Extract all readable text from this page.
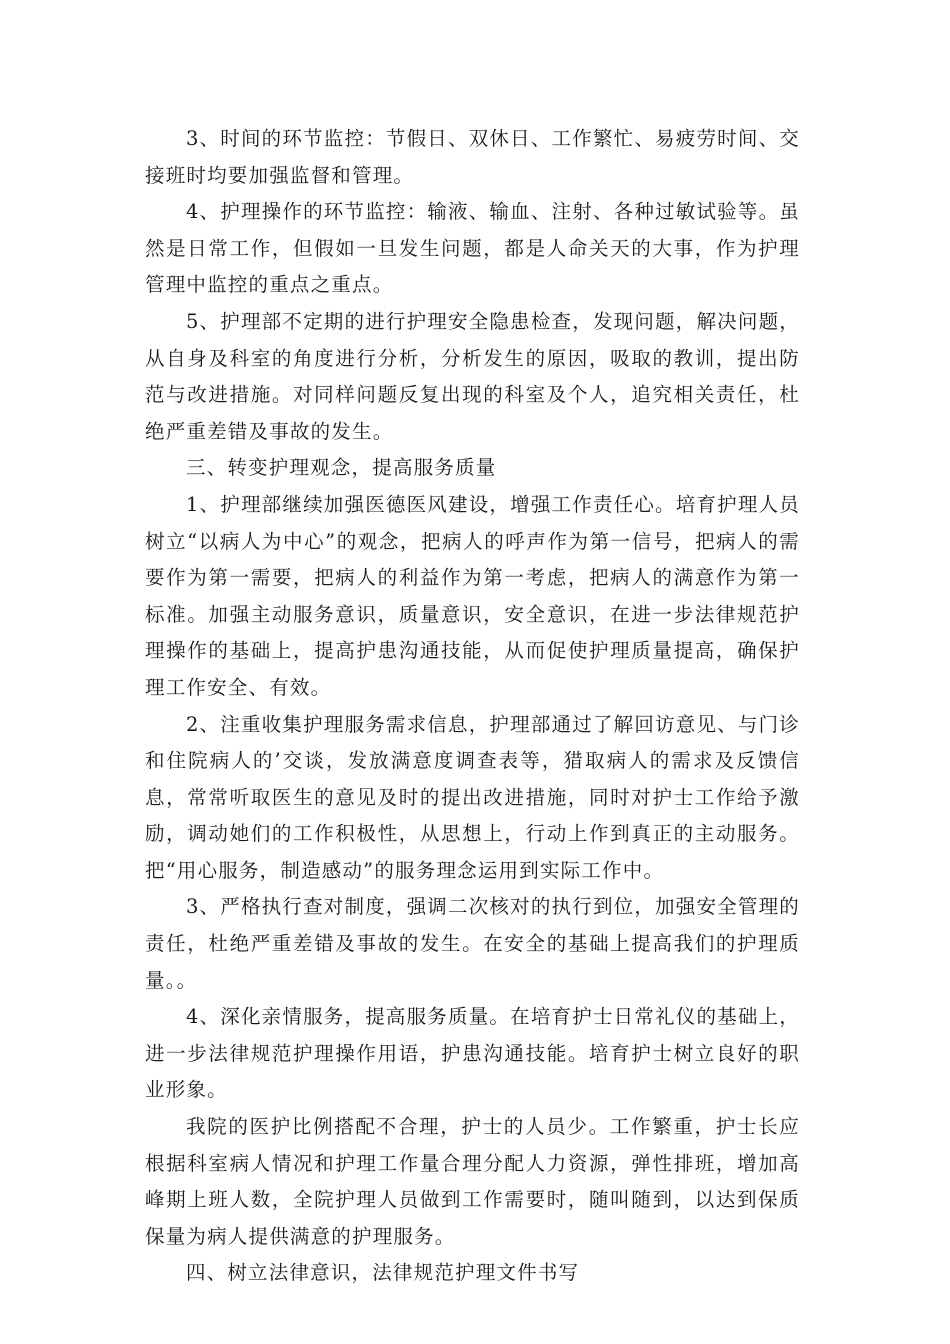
3、时间的环节监控：节假日、双休日、工作繁忙、易疲劳时间、交接班时均要加强监督和管理。

4、护理操作的环节监控：输液、输血、注射、各种过敏试验等。虽然是日常工作，但假如一旦发生问题，都是人命关天的大事，作为护理管理中监控的重点之重点。

5、护理部不定期的进行护理安全隐患检查，发现问题，解决问题，从自身及科室的角度进行分析，分析发生的原因，吸取的教训，提出防范与改进措施。对同样问题反复出现的科室及个人，追究相关责任，杜绝严重差错及事故的发生。

三、转变护理观念，提高服务质量

1、护理部继续加强医德医风建设，增强工作责任心。培育护理人员树立“以病人为中心”的观念，把病人的呼声作为第一信号，把病人的需要作为第一需要，把病人的利益作为第一考虑，把病人的满意作为第一标准。加强主动服务意识，质量意识，安全意识，在进一步法律规范护理操作的基础上，提高护患沟通技能，从而促使护理质量提高，确保护理工作安全、有效。

2、注重收集护理服务需求信息，护理部通过了解回访意见、与门诊和住院病人的’交谈，发放满意度调查表等，猎取病人的需求及反馈信息，常常听取医生的意见及时的提出改进措施，同时对护士工作给予激励，调动她们的工作积极性，从思想上，行动上作到真正的主动服务。把“用心服务，制造感动”的服务理念运用到实际工作中。

3、严格执行查对制度，强调二次核对的执行到位，加强安全管理的责任，杜绝严重差错及事故的发生。在安全的基础上提高我们的护理质量。。

4、深化亲情服务，提高服务质量。在培育护士日常礼仪的基础上，进一步法律规范护理操作用语，护患沟通技能。培育护士树立良好的职业形象。

我院的医护比例搭配不合理，护士的人员少。工作繁重，护士长应根据科室病人情况和护理工作量合理分配人力资源，弹性排班，增加高峰期上班人数，全院护理人员做到工作需要时，随叫随到，以达到保质保量为病人提供满意的护理服务。

四、树立法律意识，法律规范护理文件书写
